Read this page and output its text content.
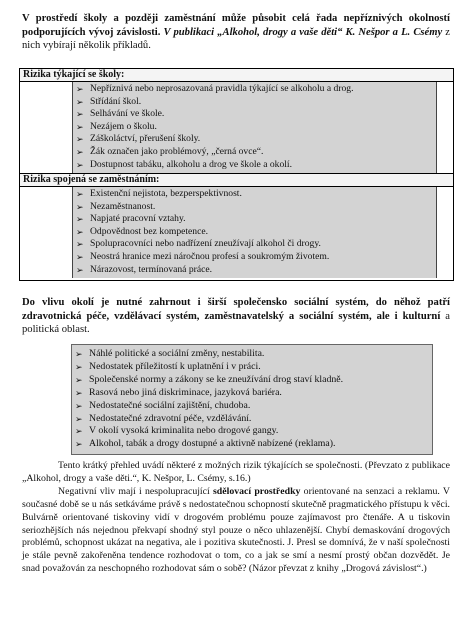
V prostředí školy a později zaměstnání může působit celá řada nepříznivých okolností podporujících vývoj závislosti. V publikaci „Alkohol, drogy a vaše děti“ K. Nešpor a L. Csémy z nich vybírají několik příkladů.
Rizika týkající se školy:
➢ Nepříznivá nebo neprosazovaná pravidla týkající se alkoholu a drog.
➢ Střídání škol.
➢ Selhávání ve škole.
➢ Nezájem o školu.
➢ Záškoláctví, přerušení školy.
➢ Žák označen jako problémový, „černá ovce“.
➢ Dostupnost tabáku, alkoholu a drog ve škole a okolí.
Rizika spojená se zaměstnáním:
➢ Existenční nejistota, bezperspektivnost.
➢ Nezaměstnanost.
➢ Napjaté pracovní vztahy.
➢ Odpovědnost bez kompetence.
➢ Spolupracovníci nebo nadřízení zneužívají alkohol či drogy.
➢ Neostrá hranice mezi náročnou profesí a soukromým životem.
➢ Nárazovost, termínovaná práce.
Do vlivu okolí je nutné zahrnout i širší společensko sociální systém, do něhož patří zdravotnická péče, vzdělávací systém, zaměstnavatelský a sociální systém, ale i kulturní a politická oblast.
➢ Náhlé politické a sociální změny, nestabilita.
➢ Nedostatek příležitostí k uplatnění i v práci.
➢ Společenské normy a zákony se ke zneužívání drog staví kladně.
➢ Rasová nebo jiná diskriminace, jazyková bariéra.
➢ Nedostatečné sociální zajištění, chudoba.
➢ Nedostatečné zdravotní péče, vzdělávání.
➢ V okolí vysoká kriminalita nebo drogové gangy.
➢ Alkohol, tabák a drogy dostupné a aktivně nabízené (reklama).

Tento krátký přehled uvádí některé z možných rizik týkajících se společnosti. (Převzato z publikace „Alkohol, drogy a vaše děti.“, K. Nešpor, L. Csémy, s.16.)

Negativní vliv mají i nespolupracující sdělovací prostředky orientované na senzaci a reklamu. V současné době se u nás setkáváme právě s nedostatečnou schopností skutečně pragmatického přístupu k věci. Bulvárně orientované tiskoviny vidí v drogovém problému pouze zajímavost pro čtenáře. A u tiskovin seriozhějších nás nejednou překvapí shodný styl pouze o něco uhlazenější. Chybí demaskování drogových problémů, schopnost ukázat na negativa, ale i pozitiva skutečnosti. J. Presl se domnívá, že v naší společnosti je stále pevně zakořeněna tendence rozhodovat o tom, co a jak se smí a nesmí prostý občan dozvědět. Je snad považován za neschopného rozhodovat sám o sobě? (Názor převzat z knihy „Drogová závislost“.)
